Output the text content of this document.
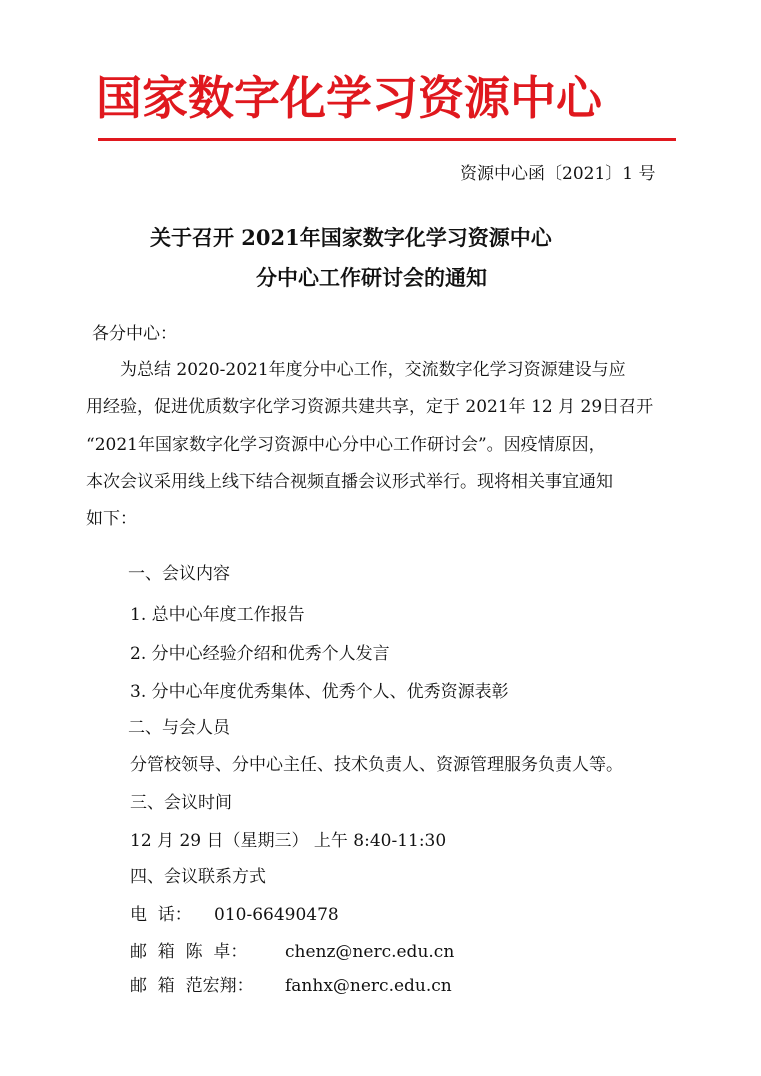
国家数字化学习资源中心
资源中心函〔2021〕1 号
关于召开 2021年国家数字化学习资源中心
分中心工作研讨会的通知
各分中心：
为总结 2020-2021年度分中心工作，交流数字化学习资源建设与应
用经验，促进优质数字化学习资源共建共享，定于 2021年 12 月 29日召开
“2021年国家数字化学习资源中心分中心工作研讨会”。因疫情原因，
本次会议采用线上线下结合视频直播会议形式举行。现将相关事宜通知
如下：
一、会议内容
1. 总中心年度工作报告
2. 分中心经验介绍和优秀个人发言
3. 分中心年度优秀集体、优秀个人、优秀资源表彰
二、与会人员
分管校领导、分中心主任、技术负责人、资源管理服务负责人等。
三、会议时间
12 月 29 日（星期三） 上午 8:40-11:30
四、会议联系方式
电  话： 010-66490478
邮  箱  陈  卓： chenz@nerc.edu.cn
邮  箱  范宏翔： fanhx@nerc.edu.cn
